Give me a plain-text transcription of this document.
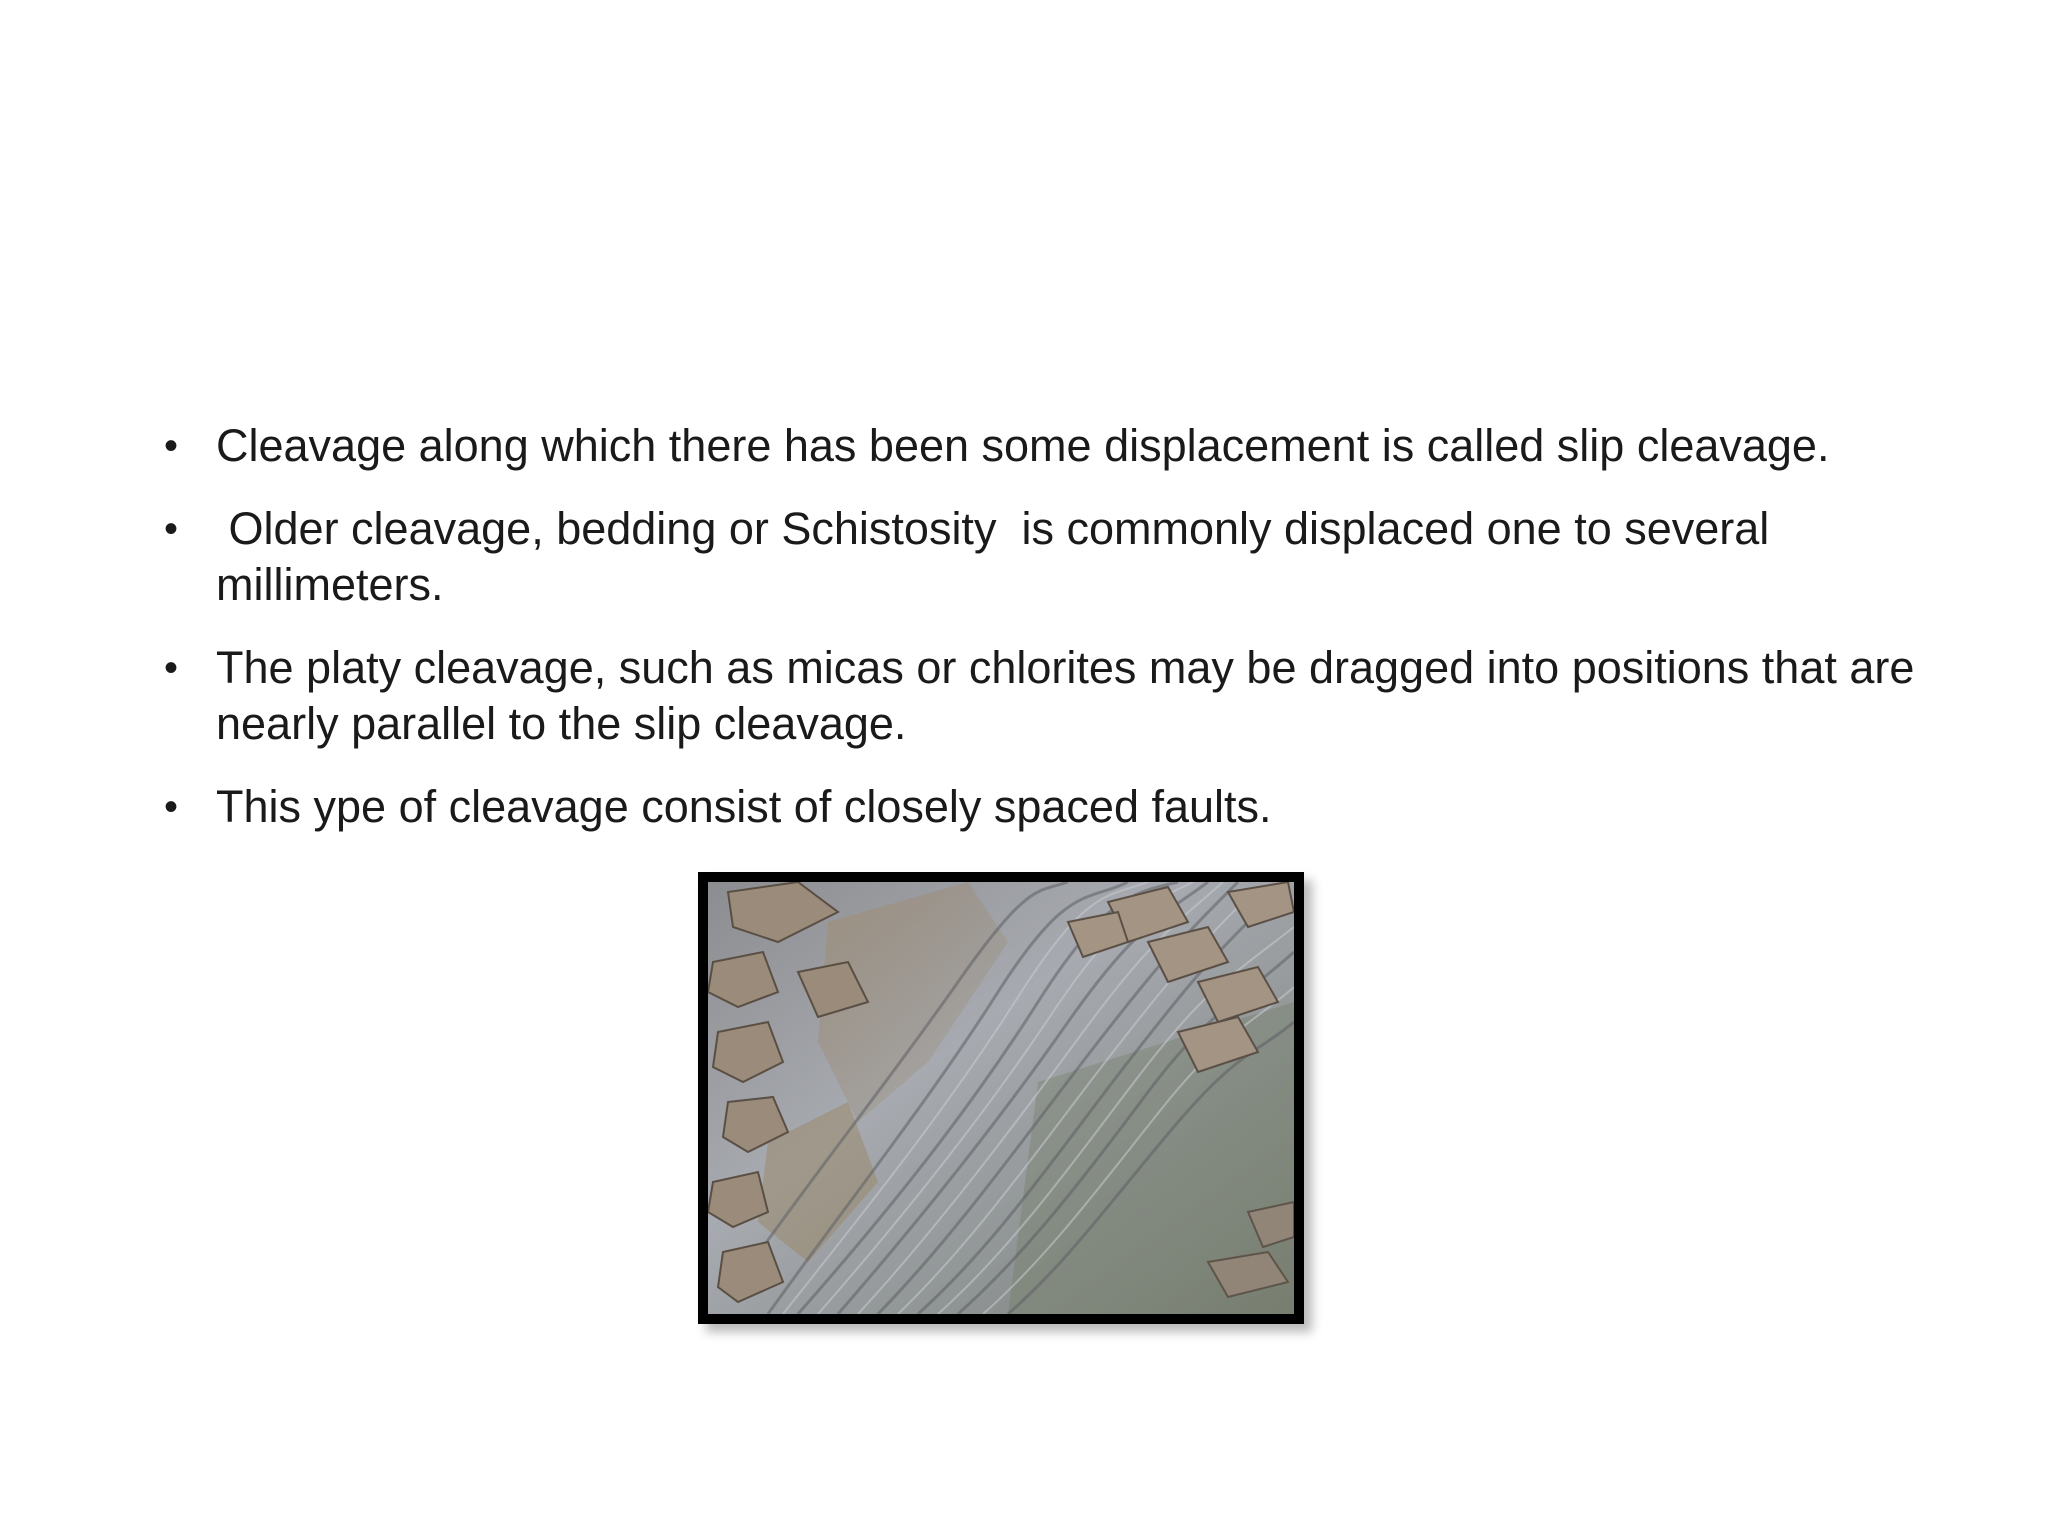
• Cleavage along which there has been some displacement is called slip cleavage.
• Older cleavage, bedding or Schistosity  is commonly displaced one to several millimeters.
• The platy cleavage, such as micas or chlorites may be dragged into positions that are nearly parallel to the slip cleavage.
• This ype of cleavage consist of closely spaced faults.
